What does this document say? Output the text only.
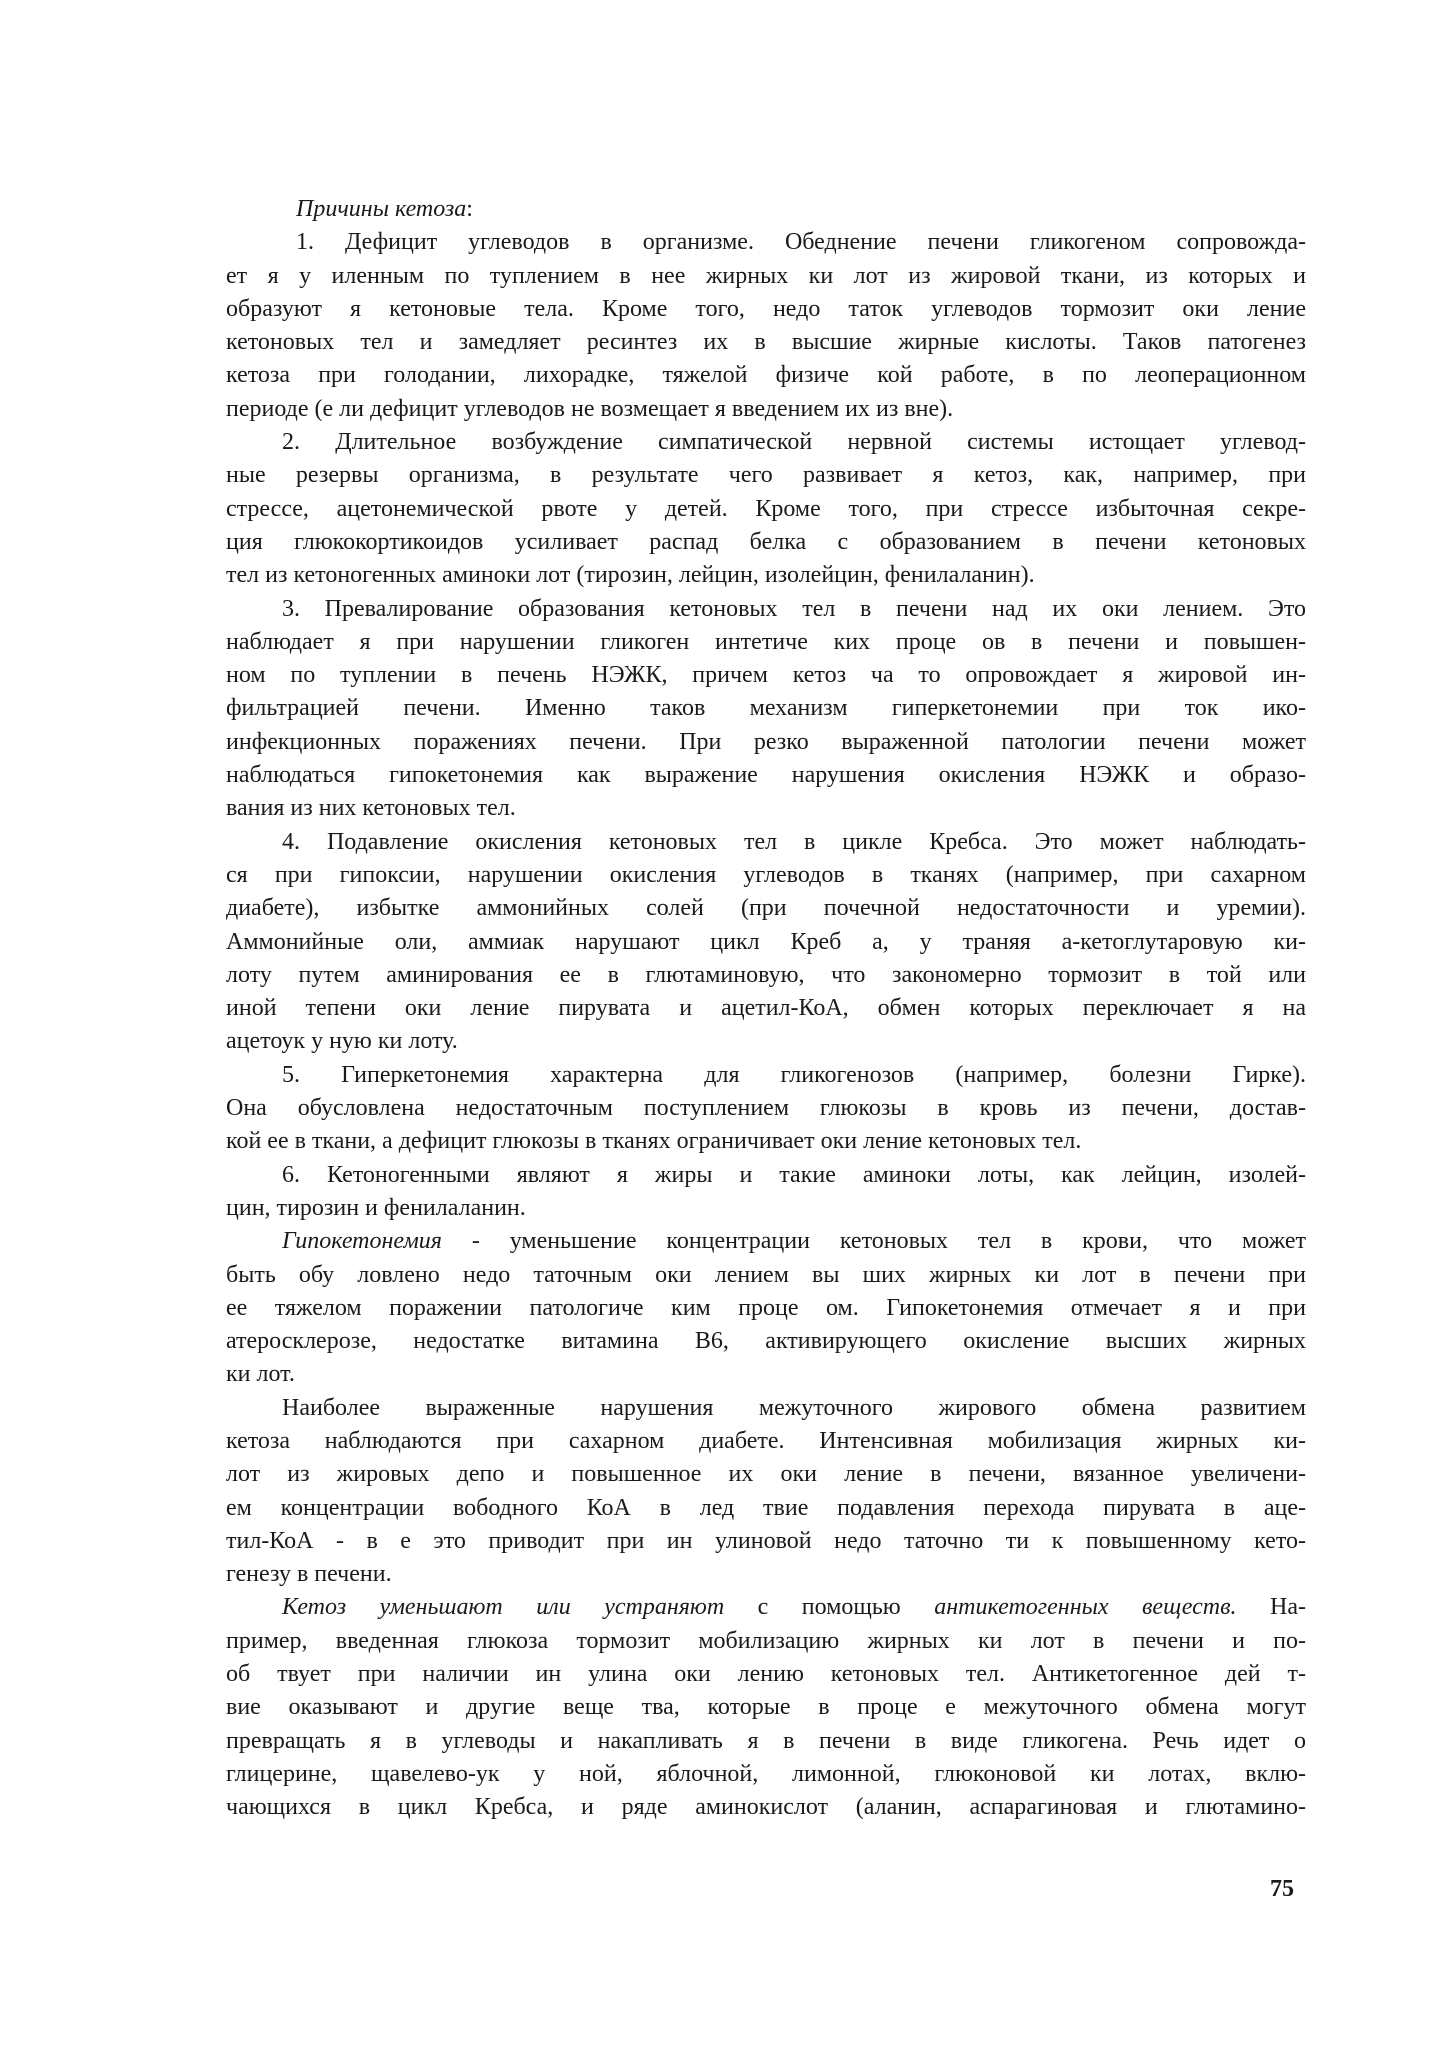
Причины кетоза:
1. Дефицит углеводов в организме. Обеднение печени гликогеном сопровожда-
ет я у иленным по туплением в нее жирных ки лот из жировой ткани, из которых и
образуют я кетоновые тела. Кроме того, недо таток углеводов тормозит оки ление
кетоновых тел и замедляет ресинтез их в высшие жирные кислоты. Таков патогенез
кетоза при голодании, лихорадке, тяжелой физиче кой работе, в по леоперационном
периоде (е ли дефицит углеводов не возмещает я введением их из вне).
2. Длительное возбуждение симпатической нервной системы истощает углевод-
ные резервы организма, в результате чего развивает я кетоз, как, например, при
стрессе, ацетонемической рвоте у детей. Кроме того, при стрессе избыточная секре-
ция глюкокортикоидов усиливает распад белка с образованием в печени кетоновых
тел из кетоногенных аминоки лот (тирозин, лейцин, изолейцин, фенилаланин).
3. Превалирование образования кетоновых тел в печени над их оки лением. Это
наблюдает я при нарушении гликоген интетиче ких проце ов в печени и повышен-
ном по туплении в печень НЭЖК, причем кетоз ча то опровождает я жировой ин-
фильтрацией печени. Именно таков механизм гиперкетонемии при ток ико-
инфекционных поражениях печени. При резко выраженной патологии печени может
наблюдаться гипокетонемия как выражение нарушения окисления НЭЖК и образо-
вания из них кетоновых тел.
4. Подавление окисления кетоновых тел в цикле Кребса. Это может наблюдать-
ся при гипоксии, нарушении окисления углеводов в тканях (например, при сахарном
диабете), избытке аммонийных солей (при почечной недостаточности и уремии).
Аммонийные оли, аммиак нарушают цикл Креб а, у траняя а-кетоглутаровую ки-
лоту путем аминирования ее в глютаминовую, что закономерно тормозит в той или
иной тепени оки ление пирувата и ацетил-КоА, обмен которых переключает я на
ацетоук у ную ки лоту.
5. Гиперкетонемия характерна для гликогенозов (например, болезни Гирке).
Она обусловлена недостаточным поступлением глюкозы в кровь из печени, достав-
кой ее в ткани, а дефицит глюкозы в тканях ограничивает оки ление кетоновых тел.
6. Кетоногенными являют я жиры и такие аминоки лоты, как лейцин, изолей-
цин, тирозин и фенилаланин.
Гипокетонемия - уменьшение концентрации кетоновых тел в крови, что может
быть обу ловлено недо таточным оки лением вы ших жирных ки лот в печени при
ее тяжелом поражении патологиче ким проце ом. Гипокетонемия отмечает я и при
атеросклерозе, недостатке витамина В6, активирующего окисление высших жирных
ки лот.
Наиболее выраженные нарушения межуточного жирового обмена развитием
кетоза наблюдаются при сахарном диабете. Интенсивная мобилизация жирных ки-
лот из жировых депо и повышенное их оки ление в печени, вязанное увеличени-
ем концентрации вободного КоА в лед твие подавления перехода пирувата в аце-
тил-КоА - в е это приводит при ин улиновой недо таточно ти к повышенному кето-
генезу в печени.
Кетоз уменьшают или устраняют с помощью антикетогенных веществ. На-
пример, введенная глюкоза тормозит мобилизацию жирных ки лот в печени и по-
об твует при наличии ин улина оки лению кетоновых тел. Антикетогенное дей т-
вие оказывают и другие веще тва, которые в проце е межуточного обмена могут
превращать я в углеводы и накапливать я в печени в виде гликогена. Речь идет о
глицерине, щавелево-ук у ной, яблочной, лимонной, глюконовой ки лотах, вклю-
чающихся в цикл Кребса, и ряде аминокислот (аланин, аспарагиновая и глютамино-
75
